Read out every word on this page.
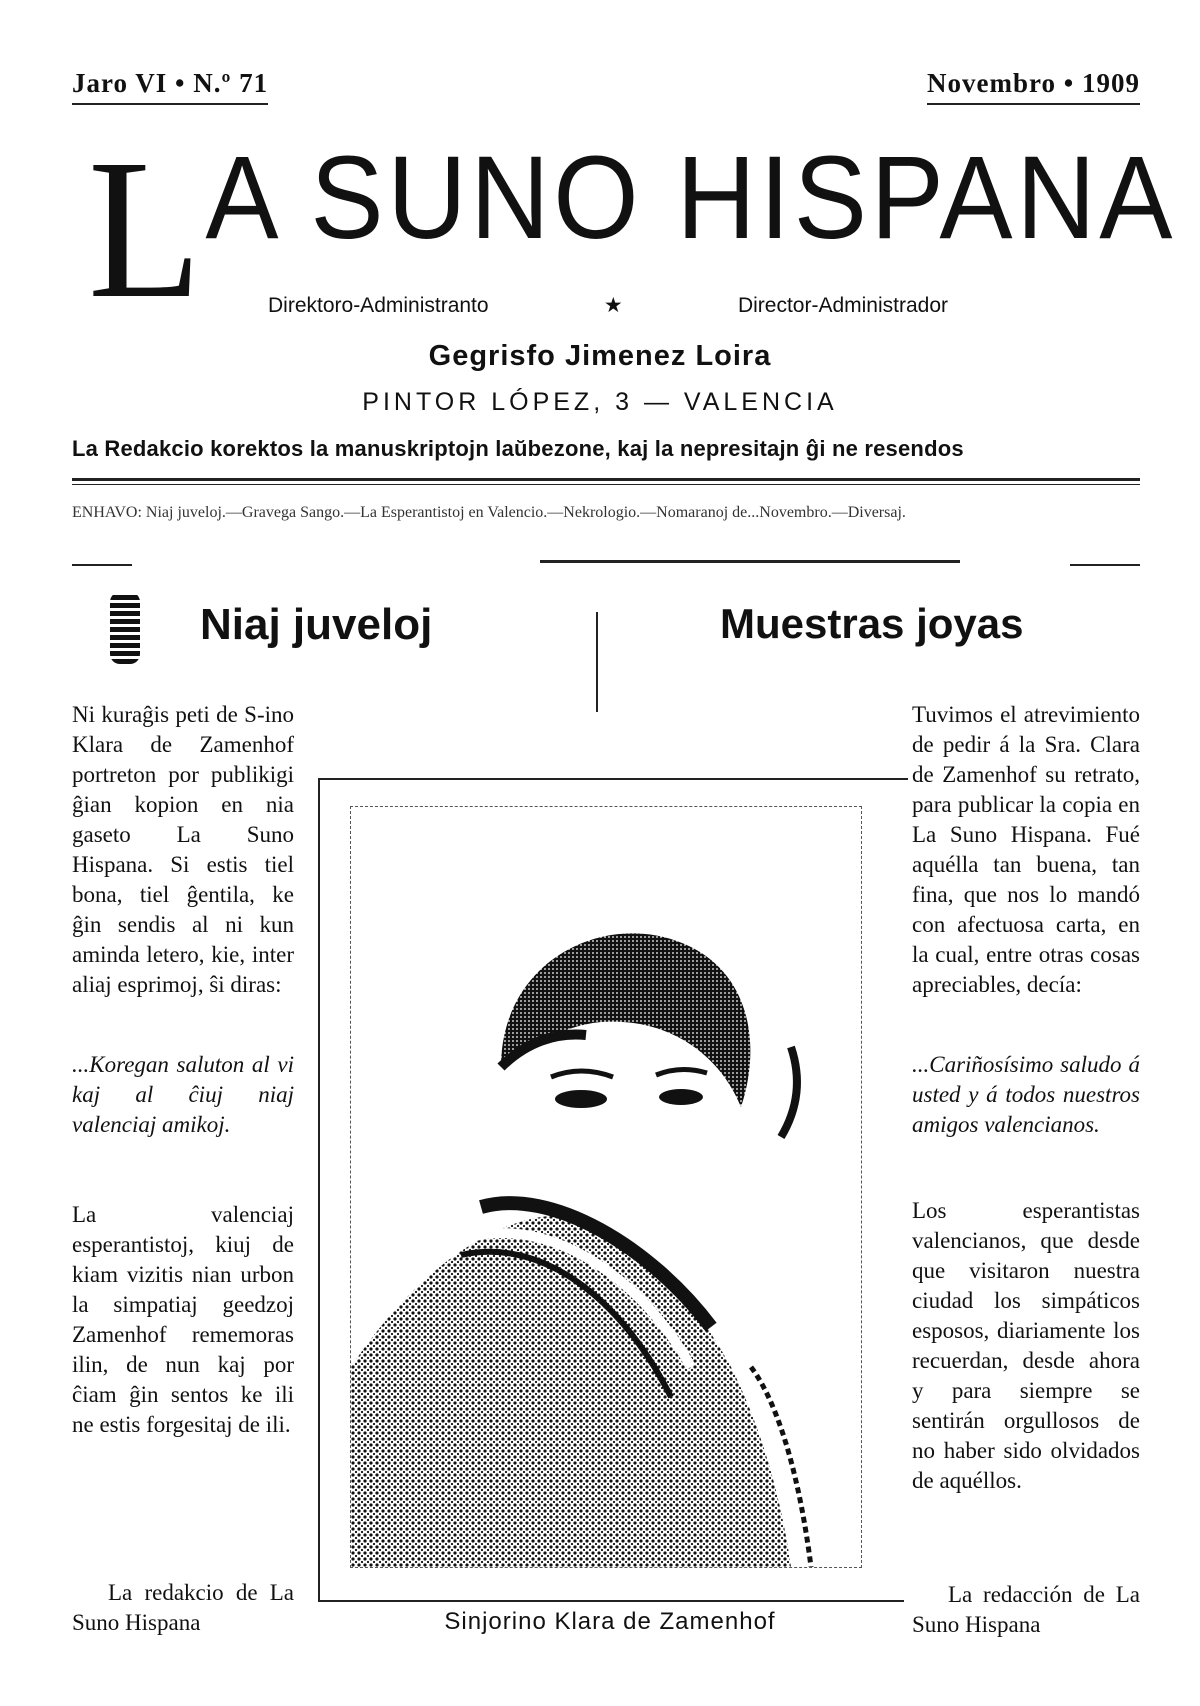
Jaro VI • N.º 71	Novembro • 1909
LA SUNO HISPANA
Direktoro-Administranto	★	Director-Administrador
Gegrisfo Jimenez Loira
PINTOR LÓPEZ, 3 — VALENCIA
La Redakcio korektos la manuskriptojn laŭbezone, kaj la nepresitajn ĝi ne resendos
ENHAVO: Niaj juveloj.—Gravega Sango.—La Esperantistoj en Valencio.—Nekrologio.—Nomaranoj de...Novembro.—Diversaj.
Niaj juveloj	Muestras joyas

Ni kuraĝis peti de S-ino Klara de Zamenhof portreton por publikigi ĝian kopion en nia gaseto La Suno Hispana. Si estis tiel bona, tiel ĝentila, ke ĝin sendis al ni kun aminda letero, kie, inter aliaj esprimoj, ŝi diras:

...Koregan saluton al vi kaj al ĉiuj niaj valenciaj amikoj.

La valenciaj esperantistoj, kiuj de kiam vizitis nian urbon la simpatiaj geedzoj Zamenhof rememoras ilin, de nun kaj por ĉiam ĝin sentos ke ili ne estis forgesitaj de ili.

La redakcio de La Suno Hispana

Tuvimos el atrevimiento de pedir á la Sra. Clara de Zamenhof su retrato, para publicar la copia en La Suno Hispana. Fué aquélla tan buena, tan fina, que nos lo mandó con afectuosa carta, en la cual, entre otras cosas apreciables, decía:

...Cariñosísimo saludo á usted y á todos nuestros amigos valencianos.

Los esperantistas valencianos, que desde que visitaron nuestra ciudad los simpáticos esposos, diariamente los recuerdan, desde ahora y para siempre se sentirán orgullosos de no haber sido olvidados de aquéllos.

La redacción de La Suno Hispana

Sinjorino Klara de Zamenhof
